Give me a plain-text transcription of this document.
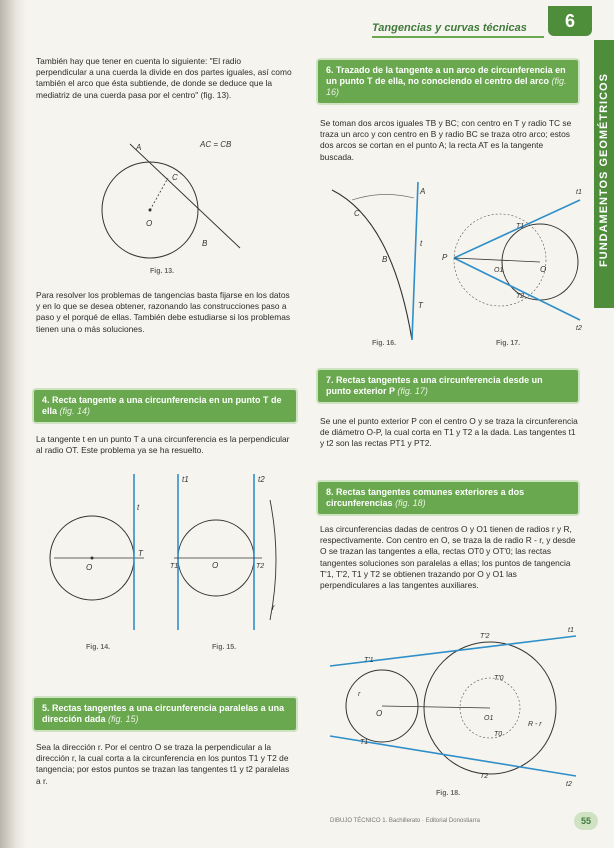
Tangencias y curvas técnicas	6
FUNDAMENTOS GEOMÉTRICOS

También hay que tener en cuenta lo siguiente: "El radio perpendicular a una cuerda la divide en dos partes iguales, así como también el arco que ésta subtiende, de donde se deduce que la mediatriz de una cuerda pasa por el centro" (fig. 13).

AC = CB
A
B
C
O
Fig. 13.

Para resolver los problemas de tangencias basta fijarse en los datos y en lo que se desea obtener, razonando las construcciones paso a paso y el porqué de ellas. También debe estudiarse si los problemas tienen una o más soluciones.

4. Recta tangente a una circunferencia en un punto T de ella (fig. 14)

La tangente t en un punto T a una circunferencia es la perpendicular al radio OT. Este problema ya se ha resuelto.

t
T
O
Fig. 14.
t1	t2
T1	T2
O
r
Fig. 15.
5. Rectas tangentes a una circunferencia paralelas a una dirección dada (fig. 15)

Sea la dirección r. Por el centro O se traza la perpendicular a la dirección r, la cual corta a la circunferencia en los puntos T1 y T2 de tangencia; por estos puntos se trazan las tangentes t1 y t2 paralelas a r.

6. Trazado de la tangente a un arco de circunferencia en un punto T de ella, no conociendo el centro del arco (fig. 16)

Se toman dos arcos iguales TB y BC; con centro en T y radio TC se traza un arco y con centro en B y radio BC se traza otro arco; estos dos arcos se cortan en el punto A; la recta AT es la tangente buscada.

A
C
B
t
T
Fig. 16.
P
O1	O
T1
T2
t1
t2
Fig. 17.
7. Rectas tangentes a una circunferencia desde un punto exterior P (fig. 17)

Se une el punto exterior P con el centro O y se traza la circunferencia de diámetro O-P, la cual corta en T1 y T2 a la dada. Las tangentes t1 y t2 son las rectas PT1 y PT2.

8. Rectas tangentes comunes exteriores a dos circunferencias (fig. 18)

Las circunferencias dadas de centros O y O1 tienen de radios r y R, respectivamente. Con centro en O, se traza la de radio R - r, y desde O se trazan las tangentes a ella, rectas OT0 y OT'0; las rectas tangentes soluciones son paralelas a ellas; los puntos de tangencia T'1, T'2, T1 y T2 se obtienen trazando por O y O1 las perpendiculares a las tangentes auxiliares.

O
O1
r
R - r
t1
t2
T1
T'1
T2
T'2
T0
T'0
Fig. 18.
DIBUJO TÉCNICO 1. Bachillerato · Editorial Donostiarra	55
